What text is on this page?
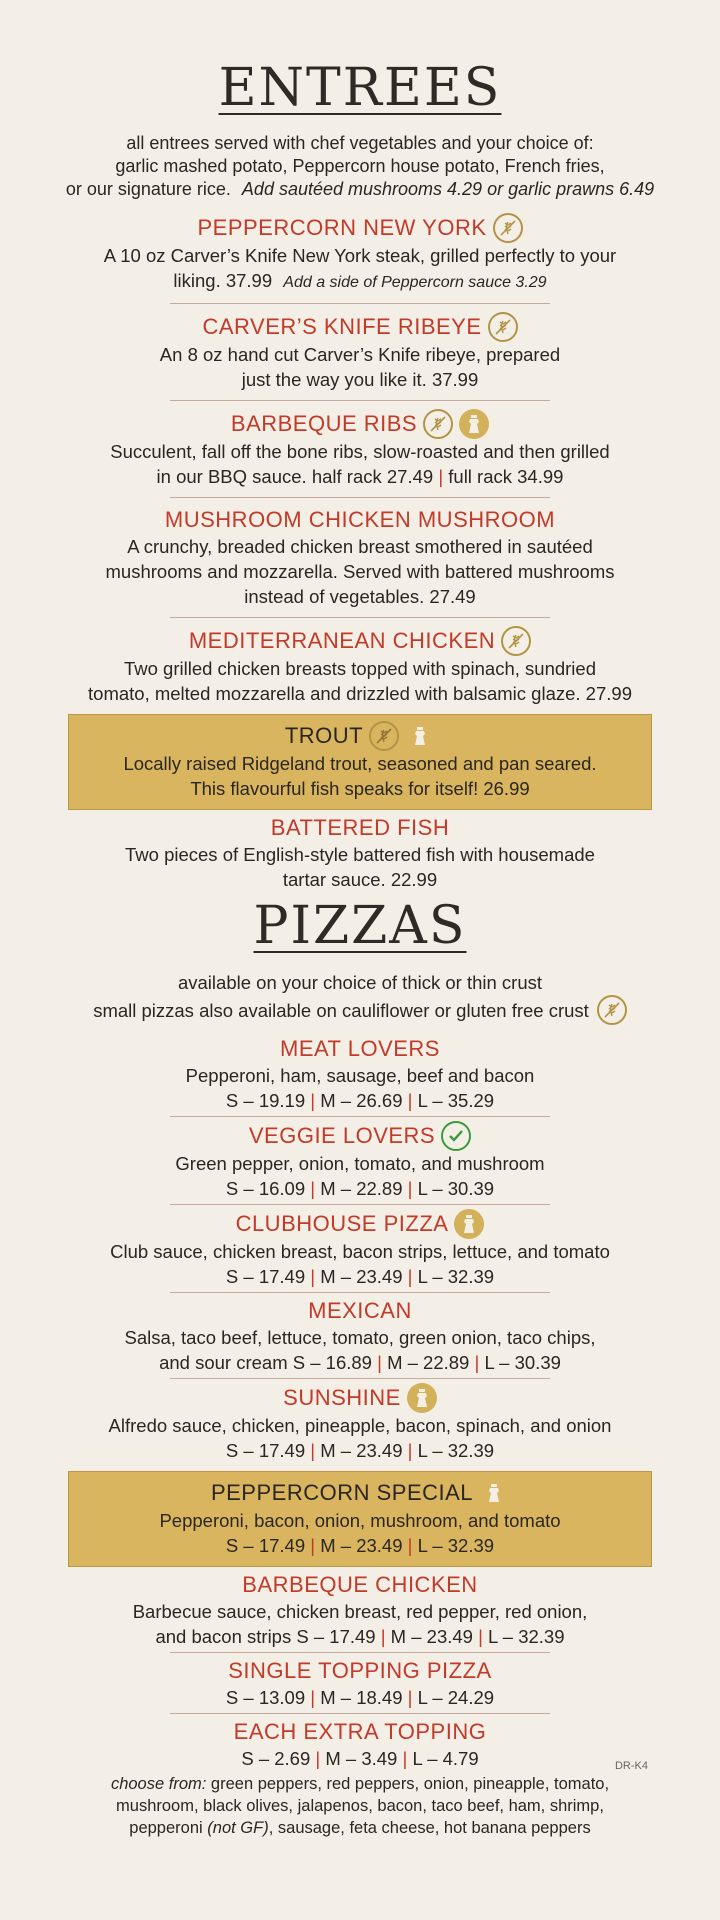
ENTREES
all entrees served with chef vegetables and your choice of:
garlic mashed potato, Peppercorn house potato, French fries,
or our signature rice. Add sautéed mushrooms 4.29 or garlic prawns 6.49
PEPPERCORN NEW YORK
A 10 oz Carver’s Knife New York steak, grilled perfectly to your
liking. 37.99 Add a side of Peppercorn sauce 3.29
CARVER’S KNIFE RIBEYE
An 8 oz hand cut Carver’s Knife ribeye, prepared
just the way you like it. 37.99
BARBEQUE RIBS
Succulent, fall off the bone ribs, slow-roasted and then grilled
in our BBQ sauce. half rack 27.49 | full rack 34.99
MUSHROOM CHICKEN MUSHROOM
A crunchy, breaded chicken breast smothered in sautéed
mushrooms and mozzarella. Served with battered mushrooms
instead of vegetables. 27.49
MEDITERRANEAN CHICKEN
Two grilled chicken breasts topped with spinach, sundried
tomato, melted mozzarella and drizzled with balsamic glaze. 27.99
TROUT
Locally raised Ridgeland trout, seasoned and pan seared.
This flavourful fish speaks for itself! 26.99
BATTERED FISH
Two pieces of English-style battered fish with housemade
tartar sauce. 22.99
PIZZAS
available on your choice of thick or thin crust
small pizzas also available on cauliflower or gluten free crust
MEAT LOVERS
Pepperoni, ham, sausage, beef and bacon
S – 19.19 | M – 26.69 | L – 35.29
VEGGIE LOVERS
Green pepper, onion, tomato, and mushroom
S – 16.09 | M – 22.89 | L – 30.39
CLUBHOUSE PIZZA
Club sauce, chicken breast, bacon strips, lettuce, and tomato
S – 17.49 | M – 23.49 | L – 32.39
MEXICAN
Salsa, taco beef, lettuce, tomato, green onion, taco chips,
and sour cream S – 16.89 | M – 22.89 | L – 30.39
SUNSHINE
Alfredo sauce, chicken, pineapple, bacon, spinach, and onion
S – 17.49 | M – 23.49 | L – 32.39
PEPPERCORN SPECIAL
Pepperoni, bacon, onion, mushroom, and tomato
S – 17.49 | M – 23.49 | L – 32.39
BARBEQUE CHICKEN
Barbecue sauce, chicken breast, red pepper, red onion,
and bacon strips S – 17.49 | M – 23.49 | L – 32.39
SINGLE TOPPING PIZZA
S – 13.09 | M – 18.49 | L – 24.29
EACH EXTRA TOPPING
S – 2.69 | M – 3.49 | L – 4.79
choose from: green peppers, red peppers, onion, pineapple, tomato,
mushroom, black olives, jalapenos, bacon, taco beef, ham, shrimp,
pepperoni (not GF), sausage, feta cheese, hot banana peppers
DR-K4
